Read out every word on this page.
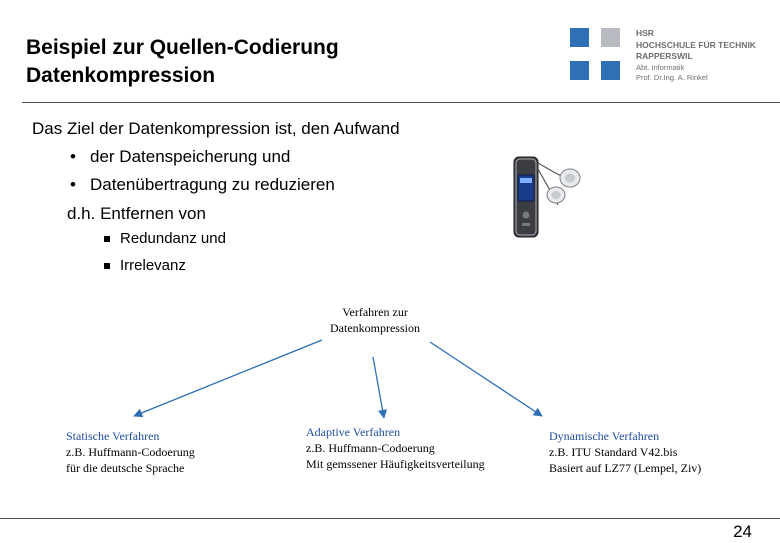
Beispiel zur Quellen-Codierung
Datenkompression
HSR
HOCHSCHULE FÜR TECHNIK
RAPPERSWIL
Abt. Informatik
Prof. Dr.Ing. A. Rinkel
Das Ziel der Datenkompression ist, den Aufwand
• der Datenspeicherung und
• Datenübertragung zu reduzieren
d.h. Entfernen von
Redundanz und
Irrelevanz
Verfahren zur
Datenkompression
Statische Verfahren
z.B. Huffmann-Codoerung
für die deutsche Sprache
Adaptive Verfahren
z.B. Huffmann-Codoerung
Mit gemssener Häufigkeitsverteilung
Dynamische Verfahren
z.B. ITU Standard V42.bis
Basiert auf LZ77 (Lempel, Ziv)
24
